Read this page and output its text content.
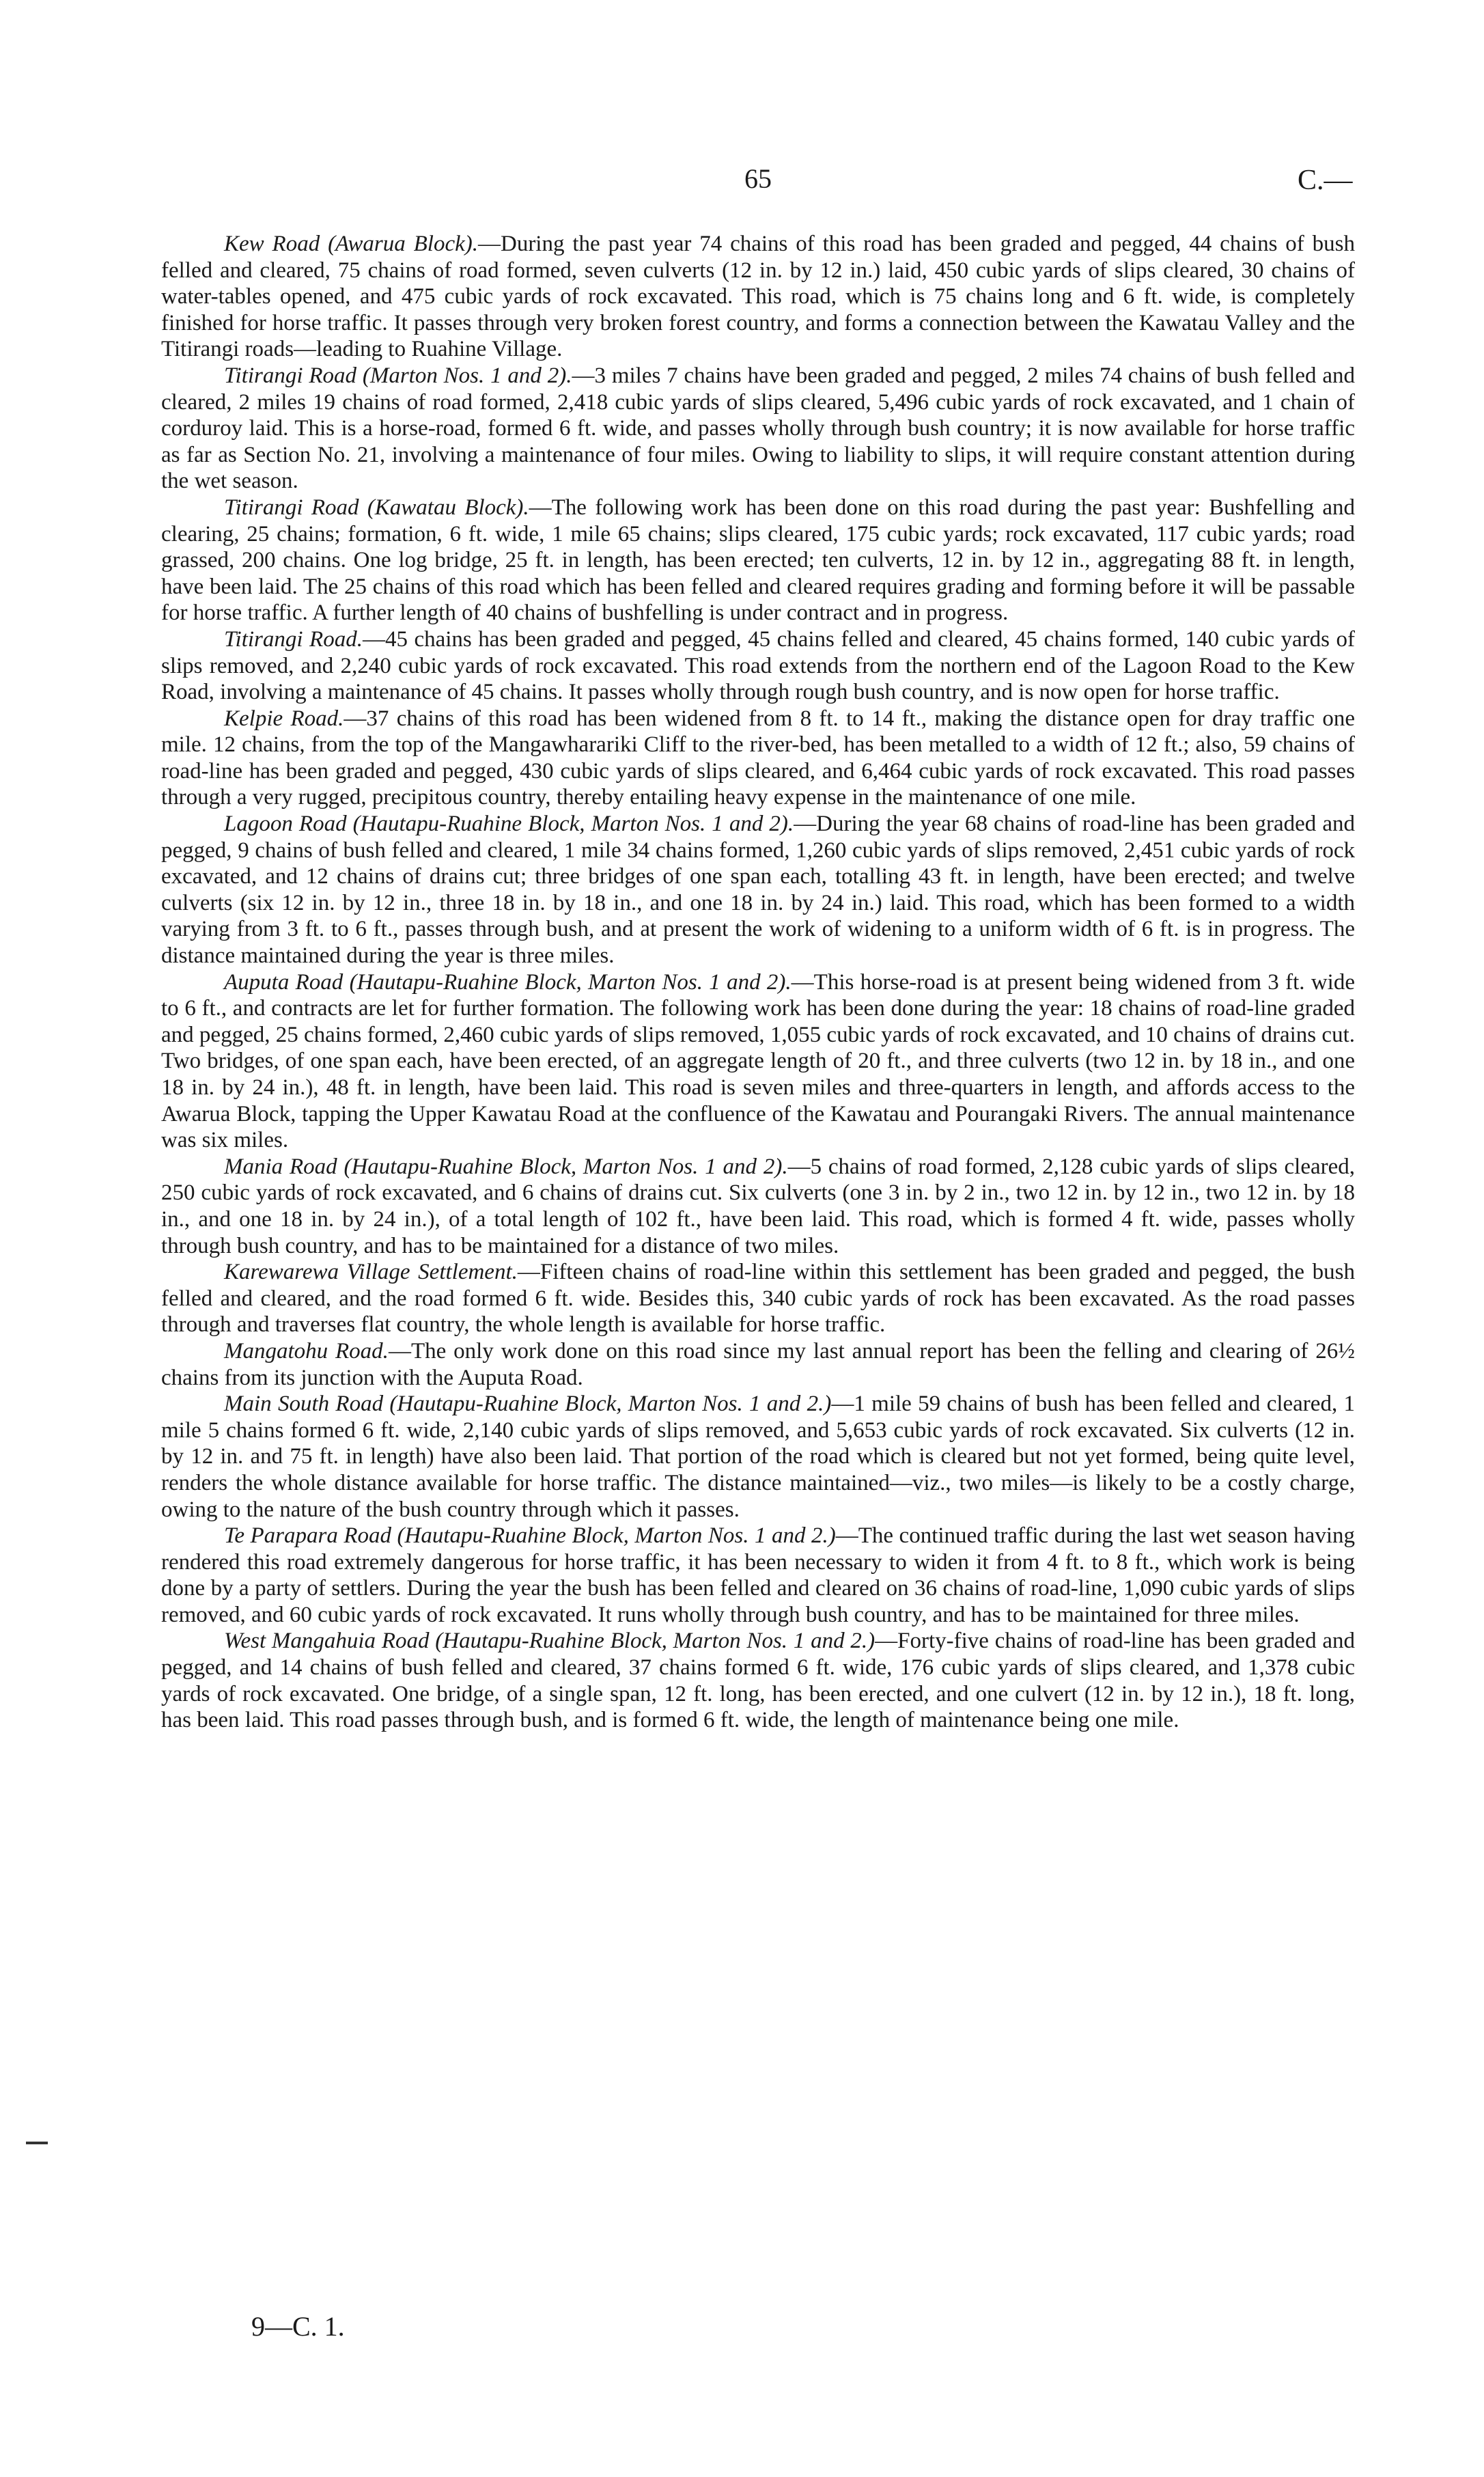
65	C.—

Kew Road (Awarua Block).—During the past year 74 chains of this road has been graded and pegged, 44 chains of bush felled and cleared, 75 chains of road formed, seven culverts (12 in. by 12 in.) laid, 450 cubic yards of slips cleared, 30 chains of water-tables opened, and 475 cubic yards of rock excavated. This road, which is 75 chains long and 6 ft. wide, is completely finished for horse traffic. It passes through very broken forest country, and forms a connection between the Kawatau Valley and the Titirangi roads—leading to Ruahine Village.

Titirangi Road (Marton Nos. 1 and 2).—3 miles 7 chains have been graded and pegged, 2 miles 74 chains of bush felled and cleared, 2 miles 19 chains of road formed, 2,418 cubic yards of slips cleared, 5,496 cubic yards of rock excavated, and 1 chain of corduroy laid. This is a horse-road, formed 6 ft. wide, and passes wholly through bush country; it is now available for horse traffic as far as Section No. 21, involving a maintenance of four miles. Owing to liability to slips, it will require constant attention during the wet season.

Titirangi Road (Kawatau Block).—The following work has been done on this road during the past year: Bushfelling and clearing, 25 chains; formation, 6 ft. wide, 1 mile 65 chains; slips cleared, 175 cubic yards; rock excavated, 117 cubic yards; road grassed, 200 chains. One log bridge, 25 ft. in length, has been erected; ten culverts, 12 in. by 12 in., aggregating 88 ft. in length, have been laid. The 25 chains of this road which has been felled and cleared requires grading and forming before it will be passable for horse traffic. A further length of 40 chains of bushfelling is under contract and in progress.

Titirangi Road.—45 chains has been graded and pegged, 45 chains felled and cleared, 45 chains formed, 140 cubic yards of slips removed, and 2,240 cubic yards of rock excavated. This road extends from the northern end of the Lagoon Road to the Kew Road, involving a maintenance of 45 chains. It passes wholly through rough bush country, and is now open for horse traffic.

Kelpie Road.—37 chains of this road has been widened from 8 ft. to 14 ft., making the distance open for dray traffic one mile. 12 chains, from the top of the Mangawharariki Cliff to the river-bed, has been metalled to a width of 12 ft.; also, 59 chains of road-line has been graded and pegged, 430 cubic yards of slips cleared, and 6,464 cubic yards of rock excavated. This road passes through a very rugged, precipitous country, thereby entailing heavy expense in the maintenance of one mile.

Lagoon Road (Hautapu-Ruahine Block, Marton Nos. 1 and 2).—During the year 68 chains of road-line has been graded and pegged, 9 chains of bush felled and cleared, 1 mile 34 chains formed, 1,260 cubic yards of slips removed, 2,451 cubic yards of rock excavated, and 12 chains of drains cut; three bridges of one span each, totalling 43 ft. in length, have been erected; and twelve culverts (six 12 in. by 12 in., three 18 in. by 18 in., and one 18 in. by 24 in.) laid. This road, which has been formed to a width varying from 3 ft. to 6 ft., passes through bush, and at present the work of widening to a uniform width of 6 ft. is in progress. The distance maintained during the year is three miles.

Auputa Road (Hautapu-Ruahine Block, Marton Nos. 1 and 2).—This horse-road is at present being widened from 3 ft. wide to 6 ft., and contracts are let for further formation. The following work has been done during the year: 18 chains of road-line graded and pegged, 25 chains formed, 2,460 cubic yards of slips removed, 1,055 cubic yards of rock excavated, and 10 chains of drains cut. Two bridges, of one span each, have been erected, of an aggregate length of 20 ft., and three culverts (two 12 in. by 18 in., and one 18 in. by 24 in.), 48 ft. in length, have been laid. This road is seven miles and three-quarters in length, and affords access to the Awarua Block, tapping the Upper Kawatau Road at the confluence of the Kawatau and Pourangaki Rivers. The annual maintenance was six miles.

Mania Road (Hautapu-Ruahine Block, Marton Nos. 1 and 2).—5 chains of road formed, 2,128 cubic yards of slips cleared, 250 cubic yards of rock excavated, and 6 chains of drains cut. Six culverts (one 3 in. by 2 in., two 12 in. by 12 in., two 12 in. by 18 in., and one 18 in. by 24 in.), of a total length of 102 ft., have been laid. This road, which is formed 4 ft. wide, passes wholly through bush country, and has to be maintained for a distance of two miles.

Karewarewa Village Settlement.—Fifteen chains of road-line within this settlement has been graded and pegged, the bush felled and cleared, and the road formed 6 ft. wide. Besides this, 340 cubic yards of rock has been excavated. As the road passes through and traverses flat country, the whole length is available for horse traffic.

Mangatohu Road.—The only work done on this road since my last annual report has been the felling and clearing of 26½ chains from its junction with the Auputa Road.

Main South Road (Hautapu-Ruahine Block, Marton Nos. 1 and 2.)—1 mile 59 chains of bush has been felled and cleared, 1 mile 5 chains formed 6 ft. wide, 2,140 cubic yards of slips removed, and 5,653 cubic yards of rock excavated. Six culverts (12 in. by 12 in. and 75 ft. in length) have also been laid. That portion of the road which is cleared but not yet formed, being quite level, renders the whole distance available for horse traffic. The distance maintained—viz., two miles—is likely to be a costly charge, owing to the nature of the bush country through which it passes.

Te Parapara Road (Hautapu-Ruahine Block, Marton Nos. 1 and 2.)—The continued traffic during the last wet season having rendered this road extremely dangerous for horse traffic, it has been necessary to widen it from 4 ft. to 8 ft., which work is being done by a party of settlers. During the year the bush has been felled and cleared on 36 chains of road-line, 1,090 cubic yards of slips removed, and 60 cubic yards of rock excavated. It runs wholly through bush country, and has to be maintained for three miles.

West Mangahuia Road (Hautapu-Ruahine Block, Marton Nos. 1 and 2.)—Forty-five chains of road-line has been graded and pegged, and 14 chains of bush felled and cleared, 37 chains formed 6 ft. wide, 176 cubic yards of slips cleared, and 1,378 cubic yards of rock excavated. One bridge, of a single span, 12 ft. long, has been erected, and one culvert (12 in. by 12 in.), 18 ft. long, has been laid. This road passes through bush, and is formed 6 ft. wide, the length of maintenance being one mile.

9—C. 1.
